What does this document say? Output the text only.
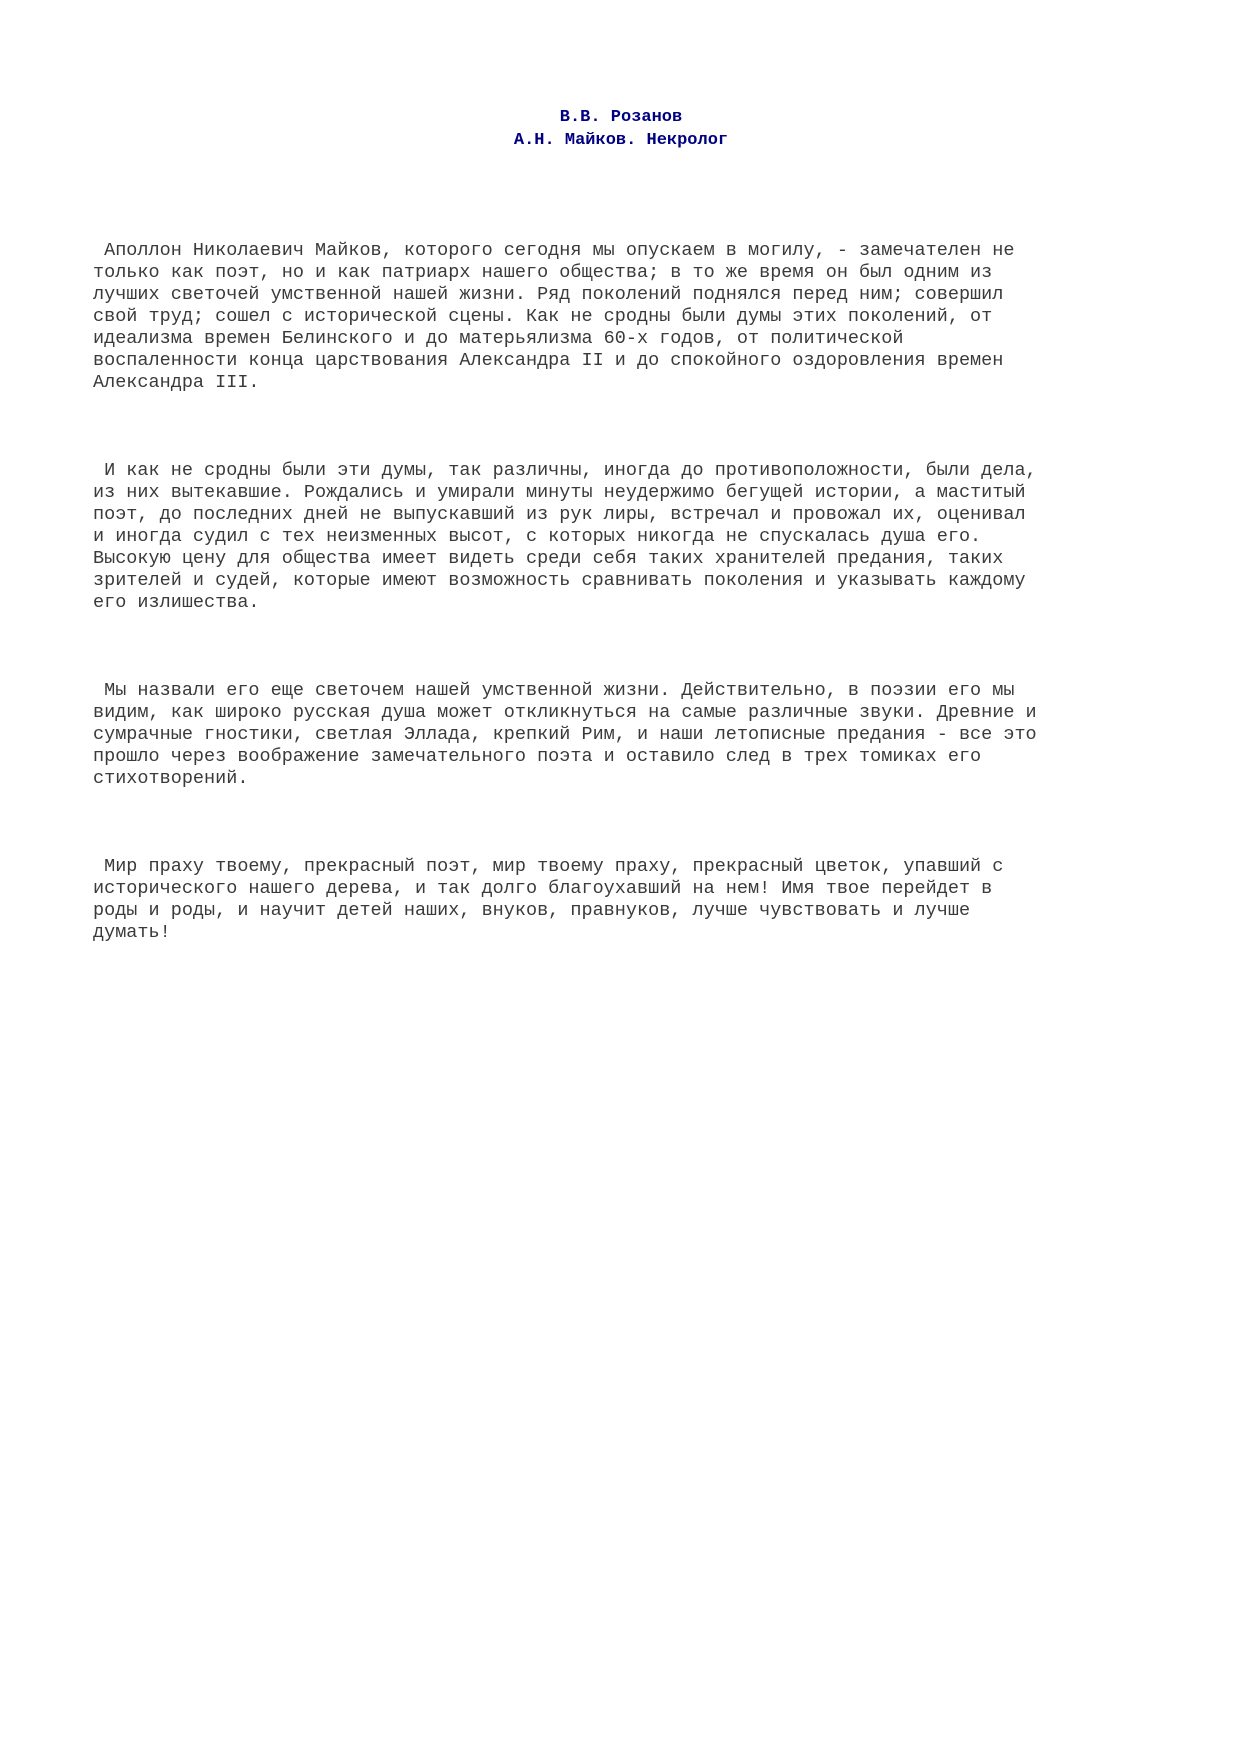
В.В. Розанов
А.Н. Майков. Некролог

Аполлон Николаевич Майков, которого сегодня мы опускаем в могилу, - замечателен не
только как поэт, но и как патриарх нашего общества; в то же время он был одним из
лучших светочей умственной нашей жизни. Ряд поколений поднялся перед ним; совершил
свой труд; сошел с исторической сцены. Как не сродны были думы этих поколений, от
идеализма времен Белинского и до матерьялизма 60-х годов, от политической
воспаленности конца царствования Александра II и до спокойного оздоровления времен
Александра III.

И как не сродны были эти думы, так различны, иногда до противоположности, были дела,
из них вытекавшие. Рождались и умирали минуты неудержимо бегущей истории, а маститый
поэт, до последних дней не выпускавший из рук лиры, встречал и провожал их, оценивал
и иногда судил с тех неизменных высот, с которых никогда не спускалась душа его.
Высокую цену для общества имеет видеть среди себя таких хранителей предания, таких
зрителей и судей, которые имеют возможность сравнивать поколения и указывать каждому
его излишества.

Мы назвали его еще светочем нашей умственной жизни. Действительно, в поэзии его мы
видим, как широко русская душа может откликнуться на самые различные звуки. Древние и
сумрачные гностики, светлая Эллада, крепкий Рим, и наши летописные предания - все это
прошло через воображение замечательного поэта и оставило след в трех томиках его
стихотворений.

Мир праху твоему, прекрасный поэт, мир твоему праху, прекрасный цветок, упавший с
исторического нашего дерева, и так долго благоухавший на нем! Имя твое перейдет в
роды и роды, и научит детей наших, внуков, правнуков, лучше чувствовать и лучше
думать!
